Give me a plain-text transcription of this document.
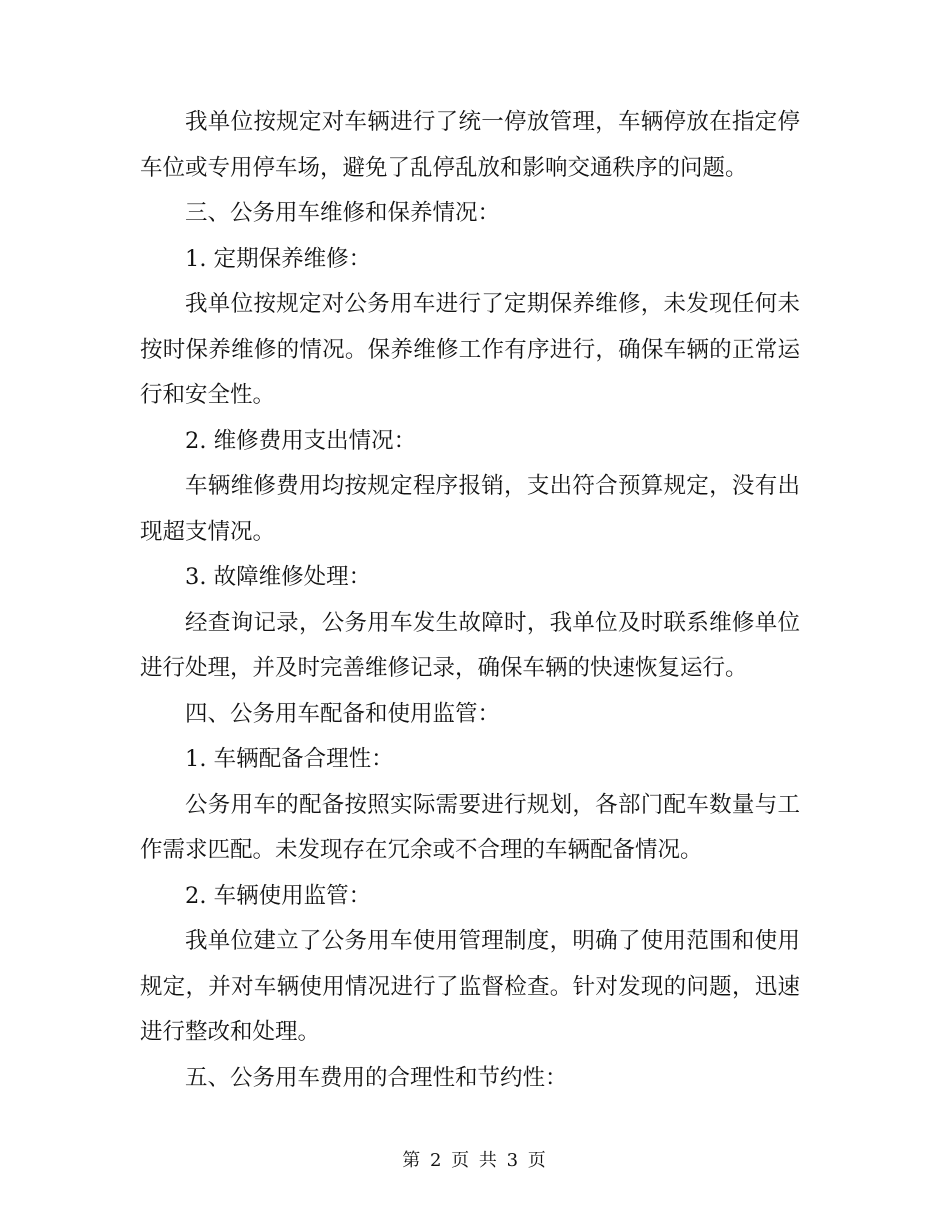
我单位按规定对车辆进行了统一停放管理，车辆停放在指定停车位或专用停车场，避免了乱停乱放和影响交通秩序的问题。

三、公务用车维修和保养情况：

1. 定期保养维修：

我单位按规定对公务用车进行了定期保养维修，未发现任何未按时保养维修的情况。保养维修工作有序进行，确保车辆的正常运行和安全性。

2. 维修费用支出情况：

车辆维修费用均按规定程序报销，支出符合预算规定，没有出现超支情况。

3. 故障维修处理：

经查询记录，公务用车发生故障时，我单位及时联系维修单位进行处理，并及时完善维修记录，确保车辆的快速恢复运行。

四、公务用车配备和使用监管：

1. 车辆配备合理性：

公务用车的配备按照实际需要进行规划，各部门配车数量与工作需求匹配。未发现存在冗余或不合理的车辆配备情况。

2. 车辆使用监管：

我单位建立了公务用车使用管理制度，明确了使用范围和使用规定，并对车辆使用情况进行了监督检查。针对发现的问题，迅速进行整改和处理。

五、公务用车费用的合理性和节约性：

第 2 页 共 3 页
